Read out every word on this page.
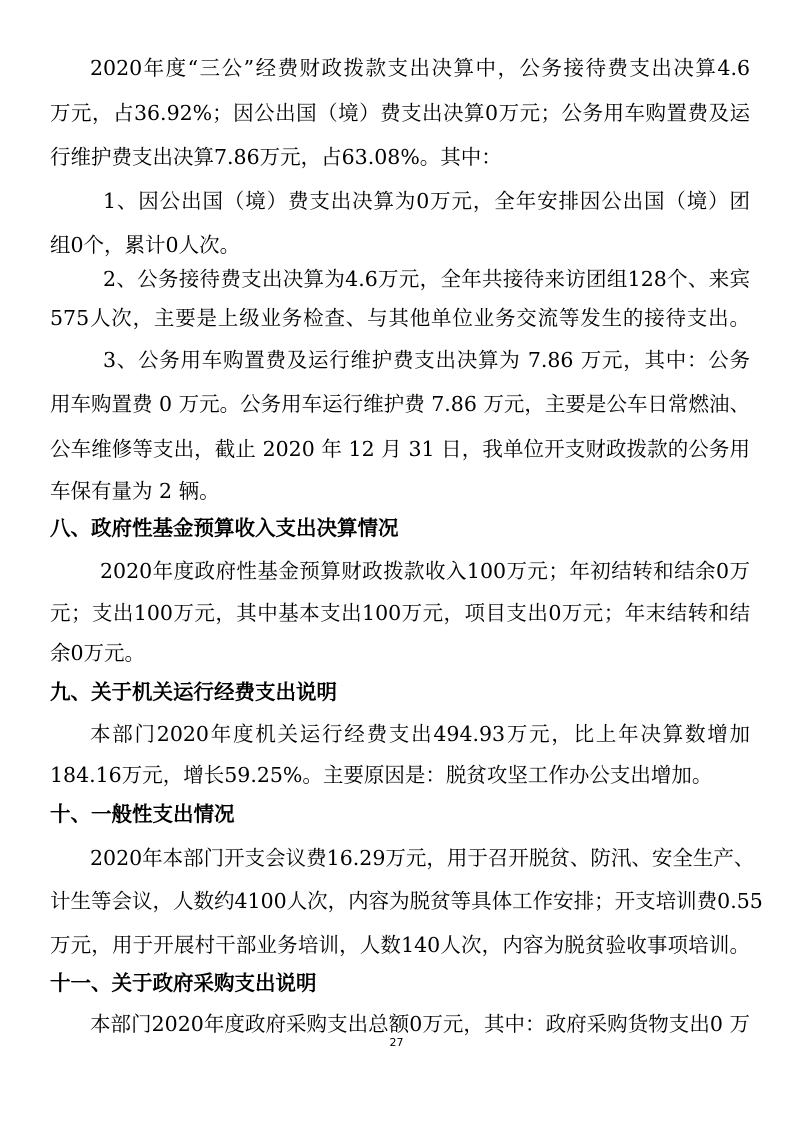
2020年度“三公”经费财政拨款支出决算中，公务接待费支出决算4.6
万元，占36.92%；因公出国（境）费支出决算0万元；公务用车购置费及运
行维护费支出决算7.86万元，占63.08%。其中：
1、因公出国（境）费支出决算为0万元，全年安排因公出国（境）团
组0个，累计0人次。
2、公务接待费支出决算为4.6万元，全年共接待来访团组128个、来宾
575人次，主要是上级业务检查、与其他单位业务交流等发生的接待支出。
3、公务用车购置费及运行维护费支出决算为 7.86 万元，其中：公务
用车购置费 0 万元。公务用车运行维护费 7.86 万元，主要是公车日常燃油、
公车维修等支出，截止 2020 年 12 月 31 日，我单位开支财政拨款的公务用
车保有量为 2 辆。
八、政府性基金预算收入支出决算情况
2020年度政府性基金预算财政拨款收入100万元；年初结转和结余0万
元；支出100万元，其中基本支出100万元，项目支出0万元；年末结转和结
余0万元。
九、关于机关运行经费支出说明
本部门2020年度机关运行经费支出494.93万元，比上年决算数增加
184.16万元，增长59.25%。主要原因是：脱贫攻坚工作办公支出增加。
十、一般性支出情况
2020年本部门开支会议费16.29万元，用于召开脱贫、防汛、安全生产、
计生等会议，人数约4100人次，内容为脱贫等具体工作安排；开支培训费0.55
万元，用于开展村干部业务培训，人数140人次，内容为脱贫验收事项培训。
十一、关于政府采购支出说明
本部门2020年度政府采购支出总额0万元，其中：政府采购货物支出0 万
27
